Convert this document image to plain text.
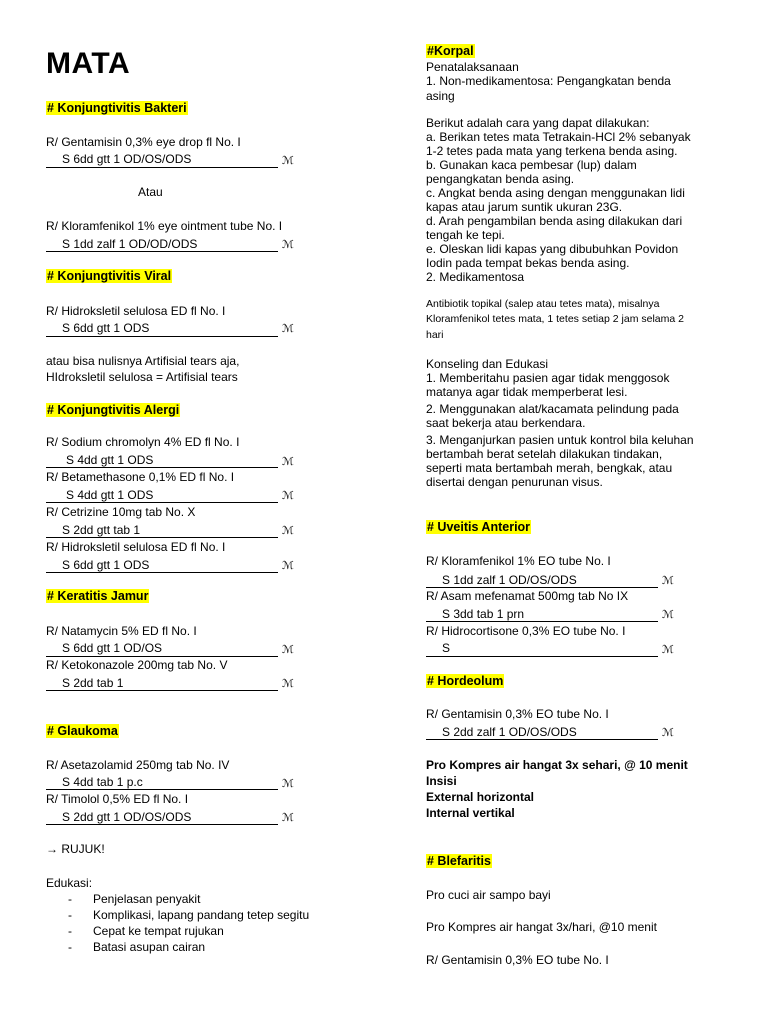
MATA
# Konjungtivitis Bakteri
R/ Gentamisin 0,3% eye drop fl No. I
S 6dd gtt 1 OD/OS/ODS	ℳ
Atau
R/ Kloramfenikol 1% eye ointment tube No. I
S 1dd zalf 1 OD/OD/ODS	ℳ
# Konjungtivitis Viral
R/ Hidroksletil selulosa ED fl No. I
S 6dd gtt 1 ODS	ℳ
atau bisa nulisnya Artifisial tears aja,
HIdroksletil selulosa = Artifisial tears
# Konjungtivitis Alergi
R/ Sodium chromolyn 4% ED fl No. I
S 4dd gtt 1 ODS	ℳ
R/ Betamethasone 0,1% ED fl No. I
S 4dd gtt 1 ODS	ℳ
R/ Cetrizine 10mg tab No. X
S 2dd gtt tab 1	ℳ
R/ Hidroksletil selulosa ED fl No. I
S 6dd gtt 1 ODS	ℳ
# Keratitis Jamur
R/ Natamycin 5% ED fl No. I
S 6dd gtt 1 OD/OS	ℳ
R/ Ketokonazole 200mg tab No. V
S 2dd tab 1	ℳ
# Glaukoma
R/ Asetazolamid 250mg tab No. IV
S 4dd tab 1 p.c	ℳ
R/ Timolol 0,5% ED fl No. I
S 2dd gtt 1 OD/OS/ODS	ℳ
→ RUJUK!
Edukasi:
- Penjelasan penyakit
- Komplikasi, lapang pandang tetep segitu
- Cepat ke tempat rujukan
- Batasi asupan cairan
#Korpal
Penatalaksanaan
1. Non-medikamentosa: Pengangkatan benda
asing
Berikut adalah cara yang dapat dilakukan:
a. Berikan tetes mata Tetrakain-HCl 2% sebanyak
1-2 tetes pada mata yang terkena benda asing.
b. Gunakan kaca pembesar (lup) dalam
pengangkatan benda asing.
c. Angkat benda asing dengan menggunakan lidi
kapas atau jarum suntik ukuran 23G.
d. Arah pengambilan benda asing dilakukan dari
tengah ke tepi.
e. Oleskan lidi kapas yang dibubuhkan Povidon
Iodin pada tempat bekas benda asing.
2. Medikamentosa
Antibiotik topikal (salep atau tetes mata), misalnya
Kloramfenikol tetes mata, 1 tetes setiap 2 jam selama 2
hari
Konseling dan Edukasi
1. Memberitahu pasien agar tidak menggosok
matanya agar tidak memperberat lesi.
2. Menggunakan alat/kacamata pelindung pada
saat bekerja atau berkendara.
3. Menganjurkan pasien untuk kontrol bila keluhan
bertambah berat setelah dilakukan tindakan,
seperti mata bertambah merah, bengkak, atau
disertai dengan penurunan visus.
# Uveitis Anterior
R/ Kloramfenikol 1% EO tube No. I
S 1dd zalf 1 OD/OS/ODS	ℳ
R/ Asam mefenamat 500mg tab No IX
S 3dd tab 1 prn	ℳ
R/ Hidrocortisone 0,3% EO tube No. I
S	ℳ
# Hordeolum
R/ Gentamisin 0,3% EO tube No. I
S 2dd zalf 1 OD/OS/ODS	ℳ
Pro Kompres air hangat 3x sehari, @ 10 menit
Insisi
External horizontal
Internal vertikal
# Blefaritis
Pro cuci air sampo bayi
Pro Kompres air hangat 3x/hari, @10 menit
R/ Gentamisin 0,3% EO tube No. I
